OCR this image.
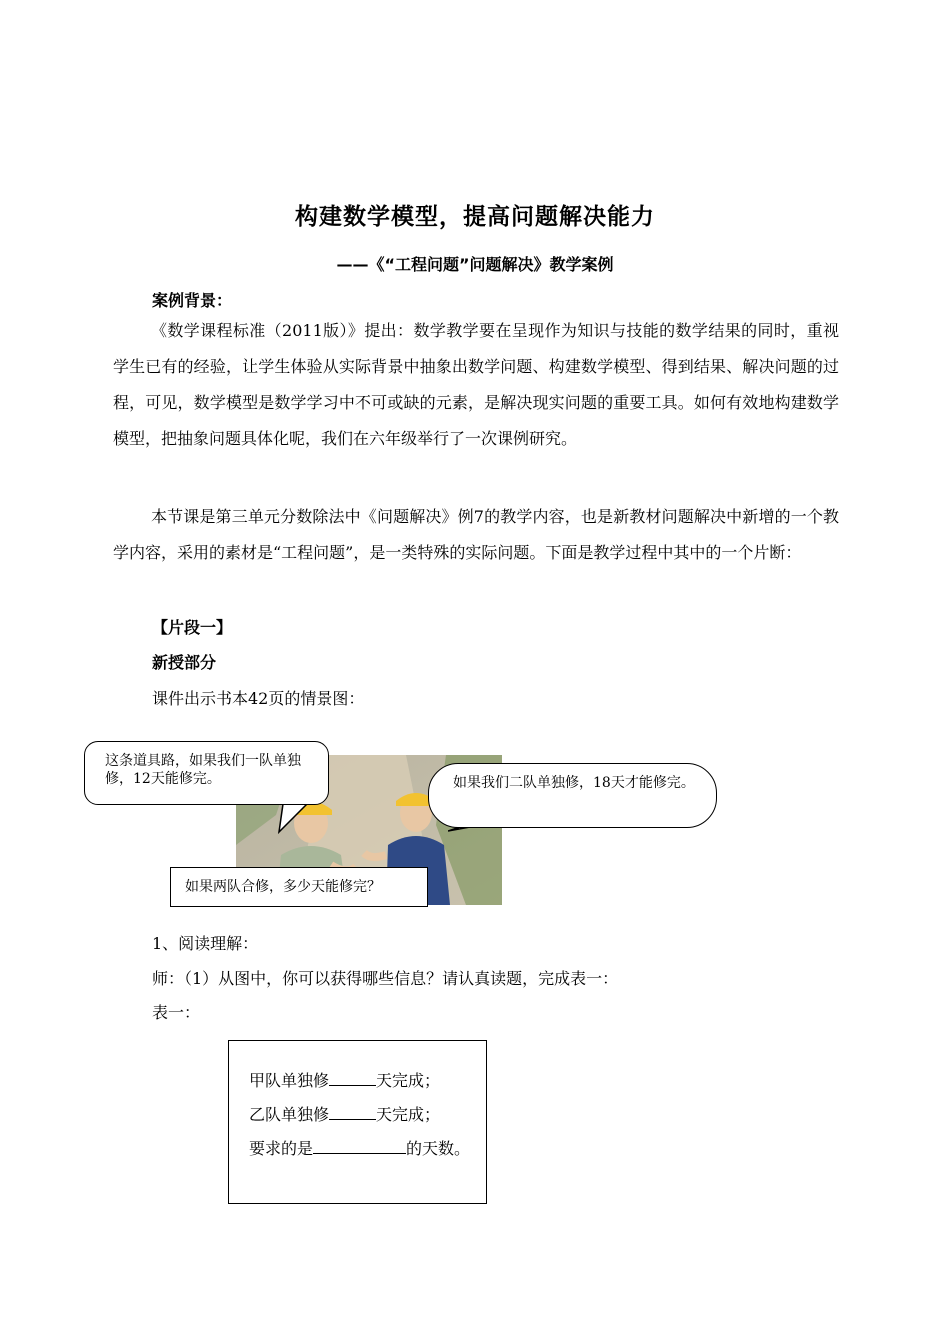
构建数学模型，提高问题解决能力
——《“工程问题”问题解决》教学案例
案例背景：
《数学课程标准（2011版）》提出：数学教学要在呈现作为知识与技能的数学结果的同时，重视学生已有的经验，让学生体验从实际背景中抽象出数学问题、构建数学模型、得到结果、解决问题的过程，可见，数学模型是数学学习中不可或缺的元素，是解决现实问题的重要工具。如何有效地构建数学模型，把抽象问题具体化呢，我们在六年级举行了一次课例研究。
本节课是第三单元分数除法中《问题解决》例7的教学内容，也是新教材问题解决中新增的一个教学内容，采用的素材是“工程问题”，是一类特殊的实际问题。下面是教学过程中其中的一个片断：
【片段一】
新授部分
课件出示书本42页的情景图：
这条道具路，如果我们一队单独修，12天能修完。	如果我们二队单独修，18天才能修完。
如果两队合修，多少天能修完？
1、阅读理解：
师：（1）从图中，你可以获得哪些信息？请认真读题，完成表一：
表一：
甲队单独修	天完成；
乙队单独修	天完成；
要求的是	的天数。
